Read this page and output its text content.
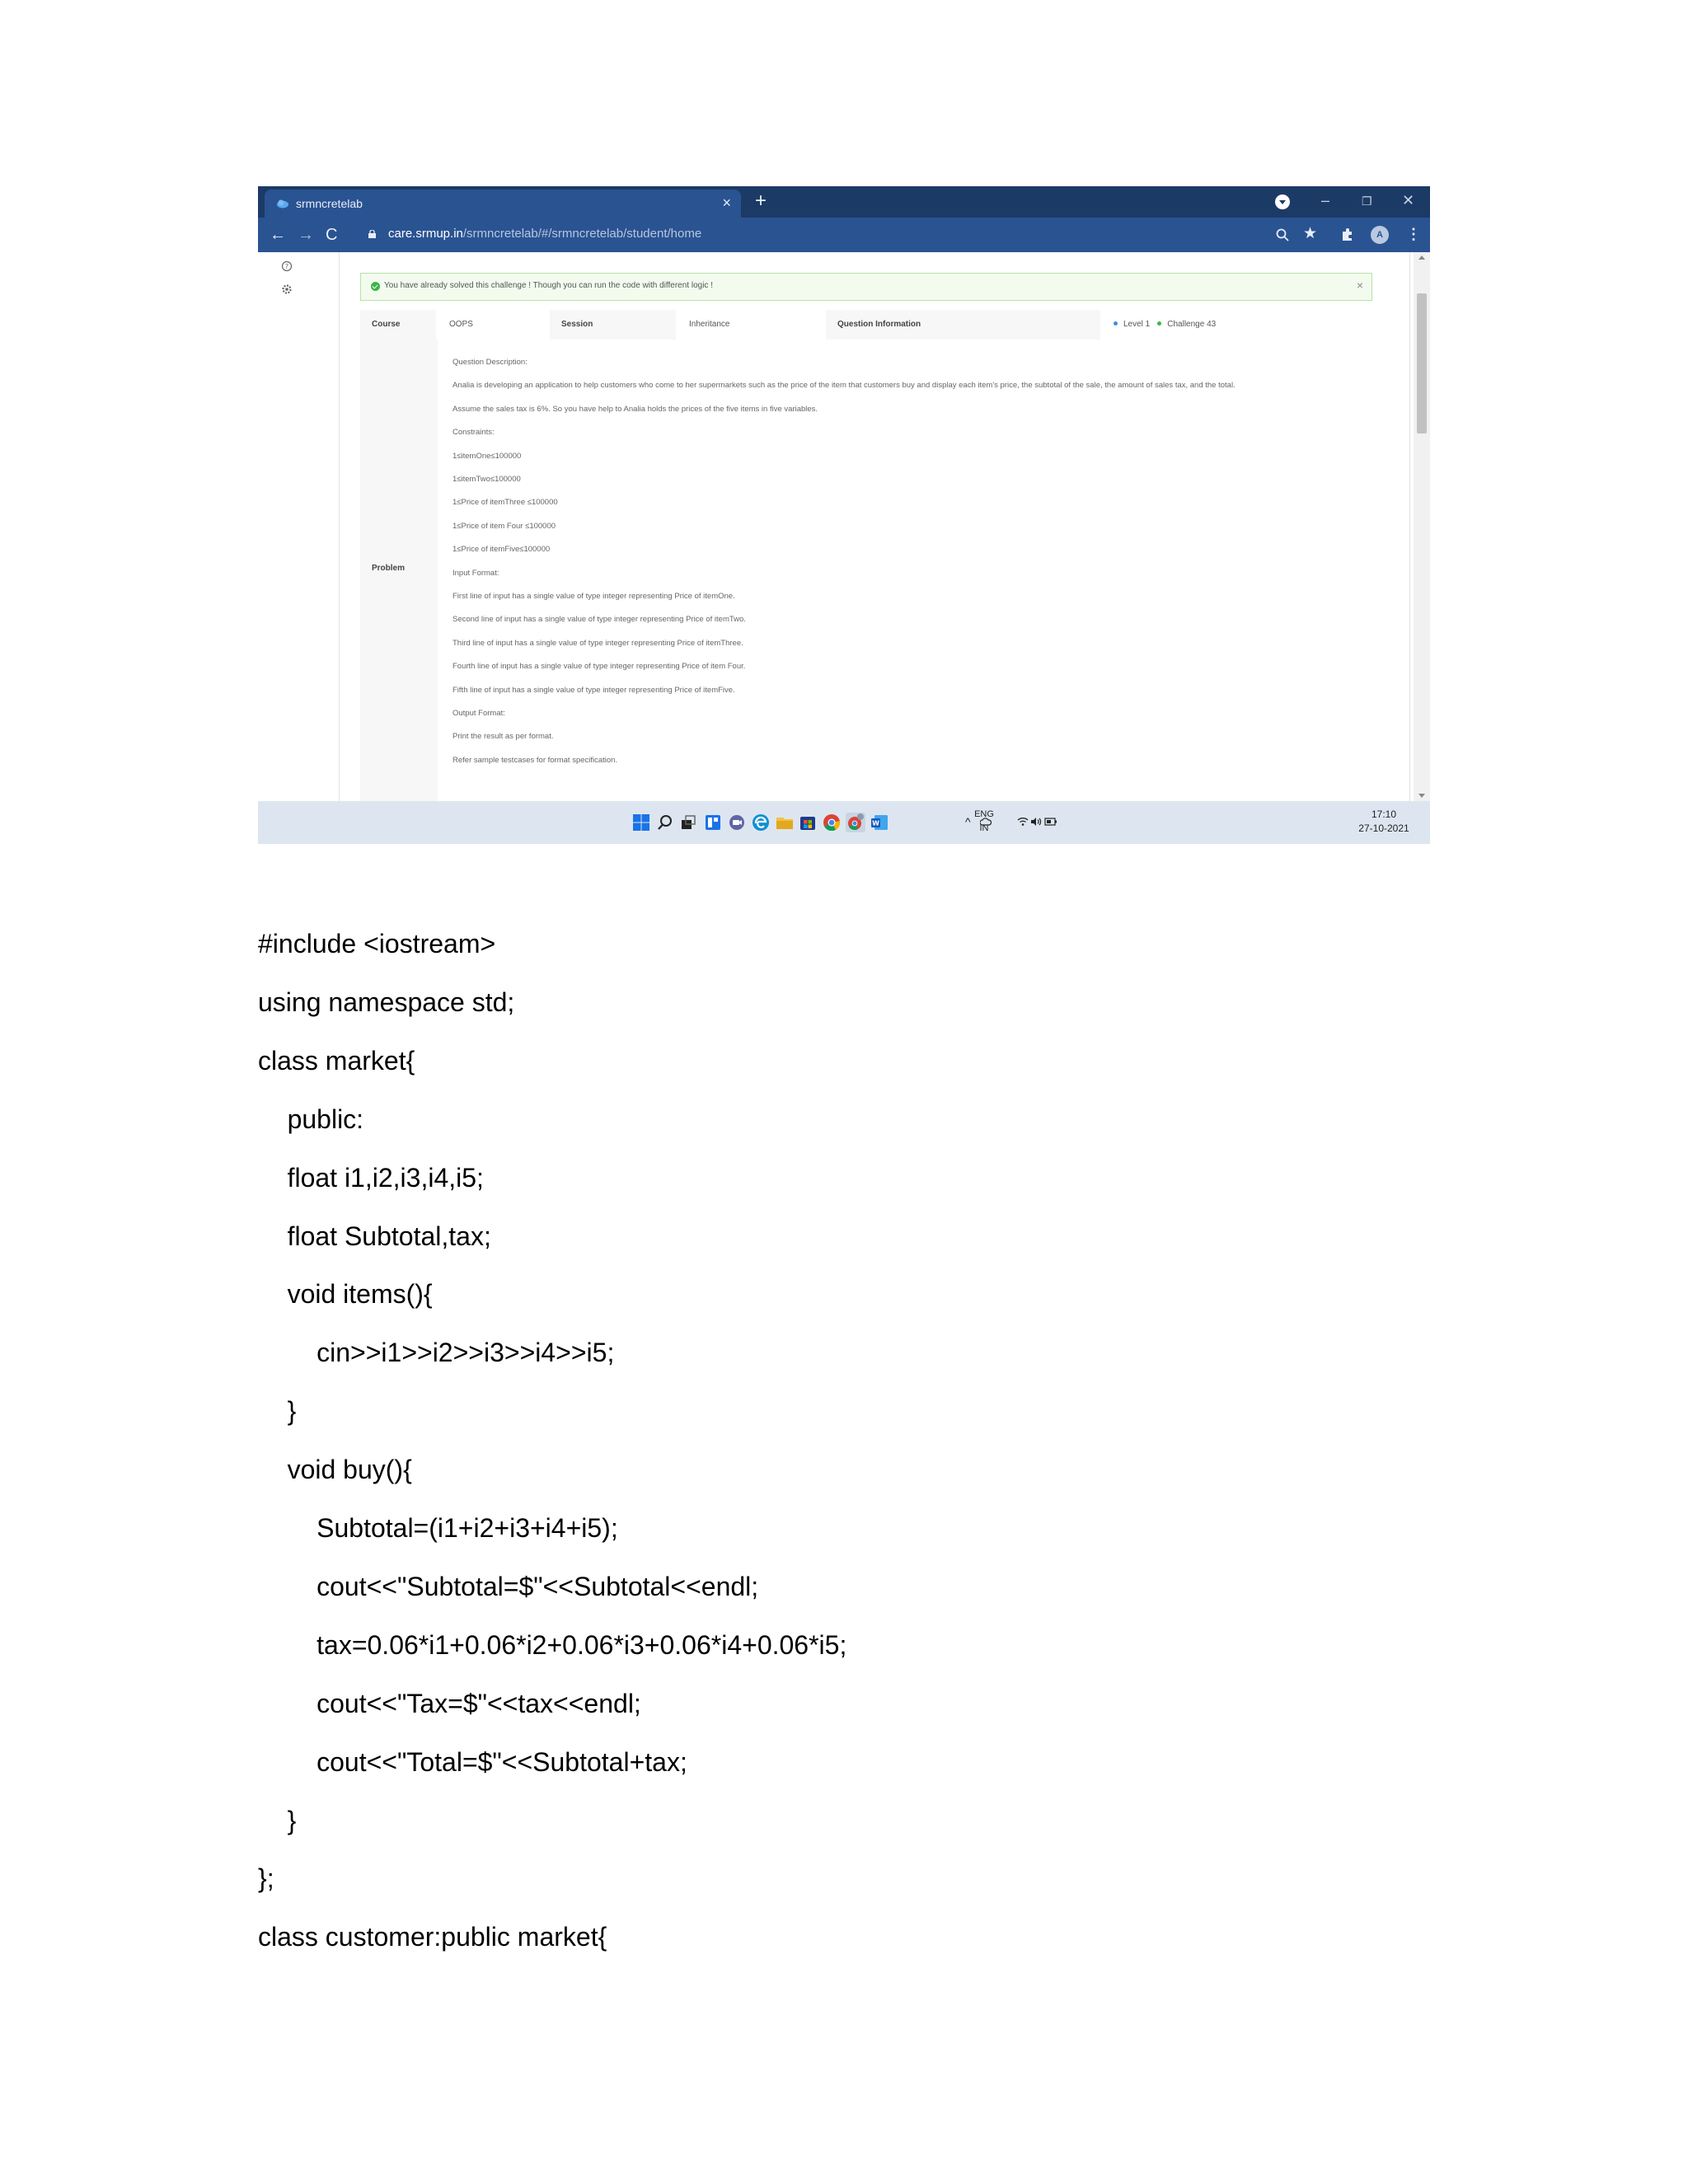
srmncretelab	× +	–	❐ ✕
← → C	care.srmup.in/srmncretelab/#/srmncretelab/student/home	★	A	⋮
?
You have already solved this challenge ! Though you can run the code with different logic !	×
Course	OOPS	Session	Inheritance	Question Information	Level 1 Challenge 43
Problem
Question Description:
Analia is developing an application to help customers who come to her supermarkets such as the price of the item that customers buy and display each item's price, the subtotal of the sale, the amount of sales tax, and the total.
Assume the sales tax is 6%. So you have help to Analia holds the prices of the five items in five variables.
Constraints:
1≤itemOne≤100000
1≤itemTwo≤100000
1≤Price of itemThree ≤100000
1≤Price of item Four ≤100000
1≤Price of itemFive≤100000
Input Format:
First line of input has a single value of type integer representing Price of itemOne.
Second line of input has a single value of type integer representing Price of itemTwo.
Third line of input has a single value of type integer representing Price of itemThree.
Fourth line of input has a single value of type integer representing Price of item Four.
Fifth line of input has a single value of type integer representing Price of itemFive.
Output Format:
Print the result as per format.
Refer sample testcases for format specification.
W	^
ENG
IN
17:10
27-10-2021
#include <iostream>
using namespace std;
class market{
public:
float i1,i2,i3,i4,i5;
float Subtotal,tax;
void items(){
cin>>i1>>i2>>i3>>i4>>i5;
}
void buy(){
Subtotal=(i1+i2+i3+i4+i5);
cout<<"Subtotal=$"<<Subtotal<<endl;
tax=0.06*i1+0.06*i2+0.06*i3+0.06*i4+0.06*i5;
cout<<"Tax=$"<<tax<<endl;
cout<<"Total=$"<<Subtotal+tax;
}
};
class customer:public market{
